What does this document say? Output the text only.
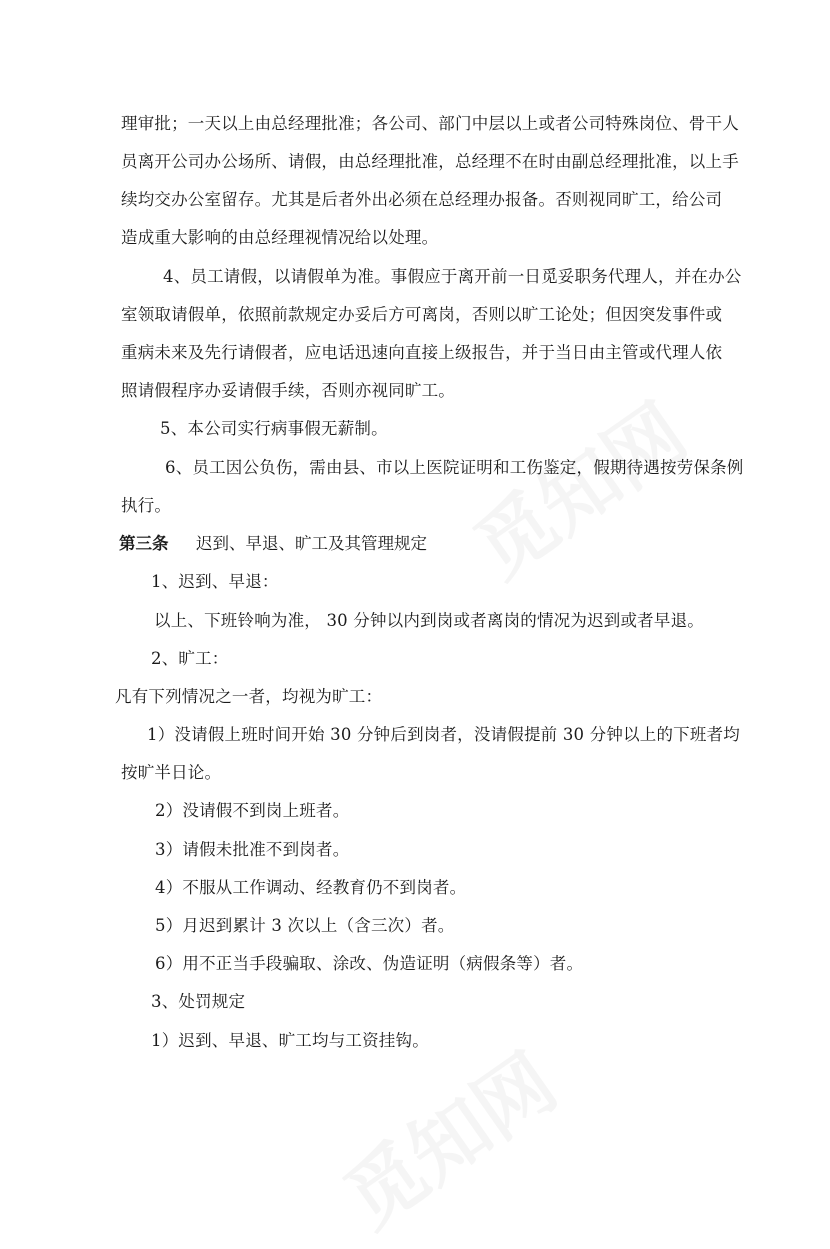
理审批；一天以上由总经理批准；各公司、部门中层以上或者公司特殊岗位、骨干人
员离开公司办公场所、请假，由总经理批准，总经理不在时由副总经理批准，以上手
续均交办公室留存。尤其是后者外出必须在总经理办报备。否则视同旷工，给公司
造成重大影响的由总经理视情况给以处理。
4、员工请假，以请假单为准。事假应于离开前一日觅妥职务代理人，并在办公
室领取请假单，依照前款规定办妥后方可离岗，否则以旷工论处；但因突发事件或
重病未来及先行请假者，应电话迅速向直接上级报告，并于当日由主管或代理人依
照请假程序办妥请假手续，否则亦视同旷工。
5、本公司实行病事假无薪制。
6、员工因公负伤，需由县、市以上医院证明和工伤鉴定，假期待遇按劳保条例
执行。
第三条 迟到、早退、旷工及其管理规定
1、迟到、早退：
以上、下班铃响为准， 30 分钟以内到岗或者离岗的情况为迟到或者早退。
2、旷工：
凡有下列情况之一者，均视为旷工：
1）没请假上班时间开始 30 分钟后到岗者，没请假提前 30 分钟以上的下班者均
按旷半日论。
2）没请假不到岗上班者。
3）请假未批准不到岗者。
4）不服从工作调动、经教育仍不到岗者。
5）月迟到累计 3 次以上（含三次）者。
6）用不正当手段骗取、涂改、伪造证明（病假条等）者。
3、处罚规定
1）迟到、早退、旷工均与工资挂钩。
